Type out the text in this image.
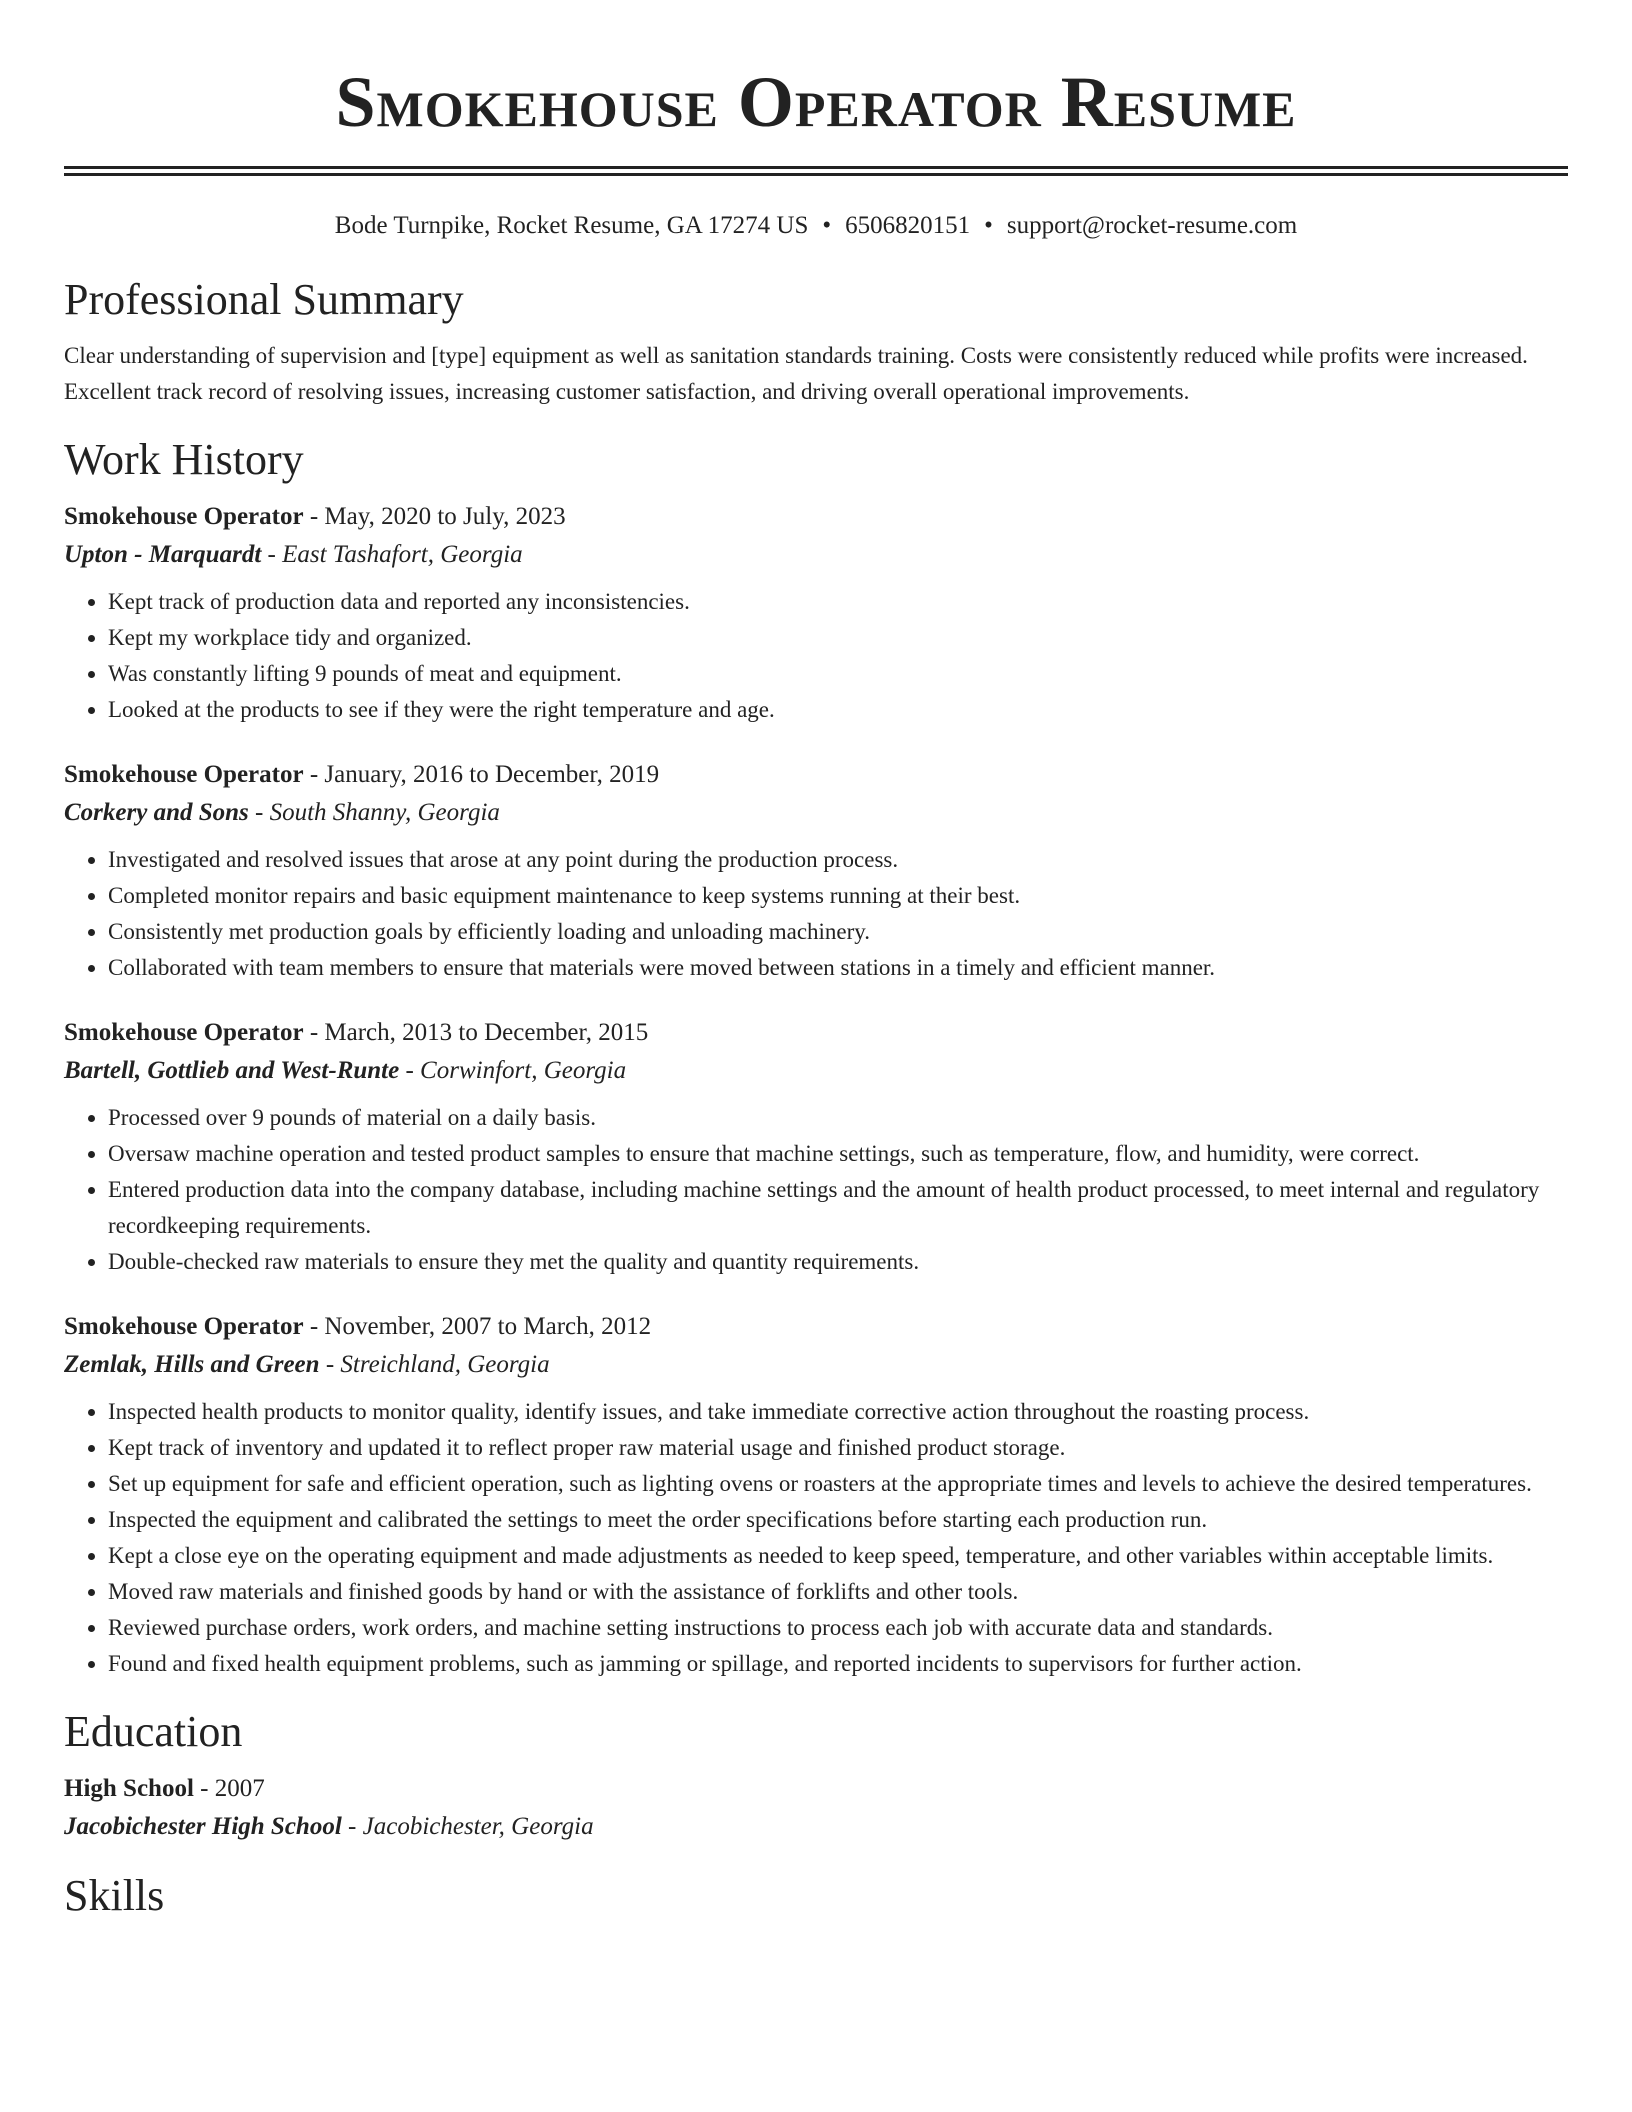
Smokehouse Operator Resume
Bode Turnpike, Rocket Resume, GA 17274 US • 6506820151 • support@rocket-resume.com
Professional Summary
Clear understanding of supervision and [type] equipment as well as sanitation standards training. Costs were consistently reduced while profits were increased. Excellent track record of resolving issues, increasing customer satisfaction, and driving overall operational improvements.
Work History
Smokehouse Operator - May, 2020 to July, 2023
Upton - Marquardt - East Tashafort, Georgia
• Kept track of production data and reported any inconsistencies.
• Kept my workplace tidy and organized.
• Was constantly lifting 9 pounds of meat and equipment.
• Looked at the products to see if they were the right temperature and age.
Smokehouse Operator - January, 2016 to December, 2019
Corkery and Sons - South Shanny, Georgia
• Investigated and resolved issues that arose at any point during the production process.
• Completed monitor repairs and basic equipment maintenance to keep systems running at their best.
• Consistently met production goals by efficiently loading and unloading machinery.
• Collaborated with team members to ensure that materials were moved between stations in a timely and efficient manner.
Smokehouse Operator - March, 2013 to December, 2015
Bartell, Gottlieb and West-Runte - Corwinfort, Georgia
• Processed over 9 pounds of material on a daily basis.
• Oversaw machine operation and tested product samples to ensure that machine settings, such as temperature, flow, and humidity, were correct.
• Entered production data into the company database, including machine settings and the amount of health product processed, to meet internal and regulatory recordkeeping requirements.
• Double-checked raw materials to ensure they met the quality and quantity requirements.
Smokehouse Operator - November, 2007 to March, 2012
Zemlak, Hills and Green - Streichland, Georgia
• Inspected health products to monitor quality, identify issues, and take immediate corrective action throughout the roasting process.
• Kept track of inventory and updated it to reflect proper raw material usage and finished product storage.
• Set up equipment for safe and efficient operation, such as lighting ovens or roasters at the appropriate times and levels to achieve the desired temperatures.
• Inspected the equipment and calibrated the settings to meet the order specifications before starting each production run.
• Kept a close eye on the operating equipment and made adjustments as needed to keep speed, temperature, and other variables within acceptable limits.
• Moved raw materials and finished goods by hand or with the assistance of forklifts and other tools.
• Reviewed purchase orders, work orders, and machine setting instructions to process each job with accurate data and standards.
• Found and fixed health equipment problems, such as jamming or spillage, and reported incidents to supervisors for further action.
Education
High School - 2007
Jacobichester High School - Jacobichester, Georgia
Skills
